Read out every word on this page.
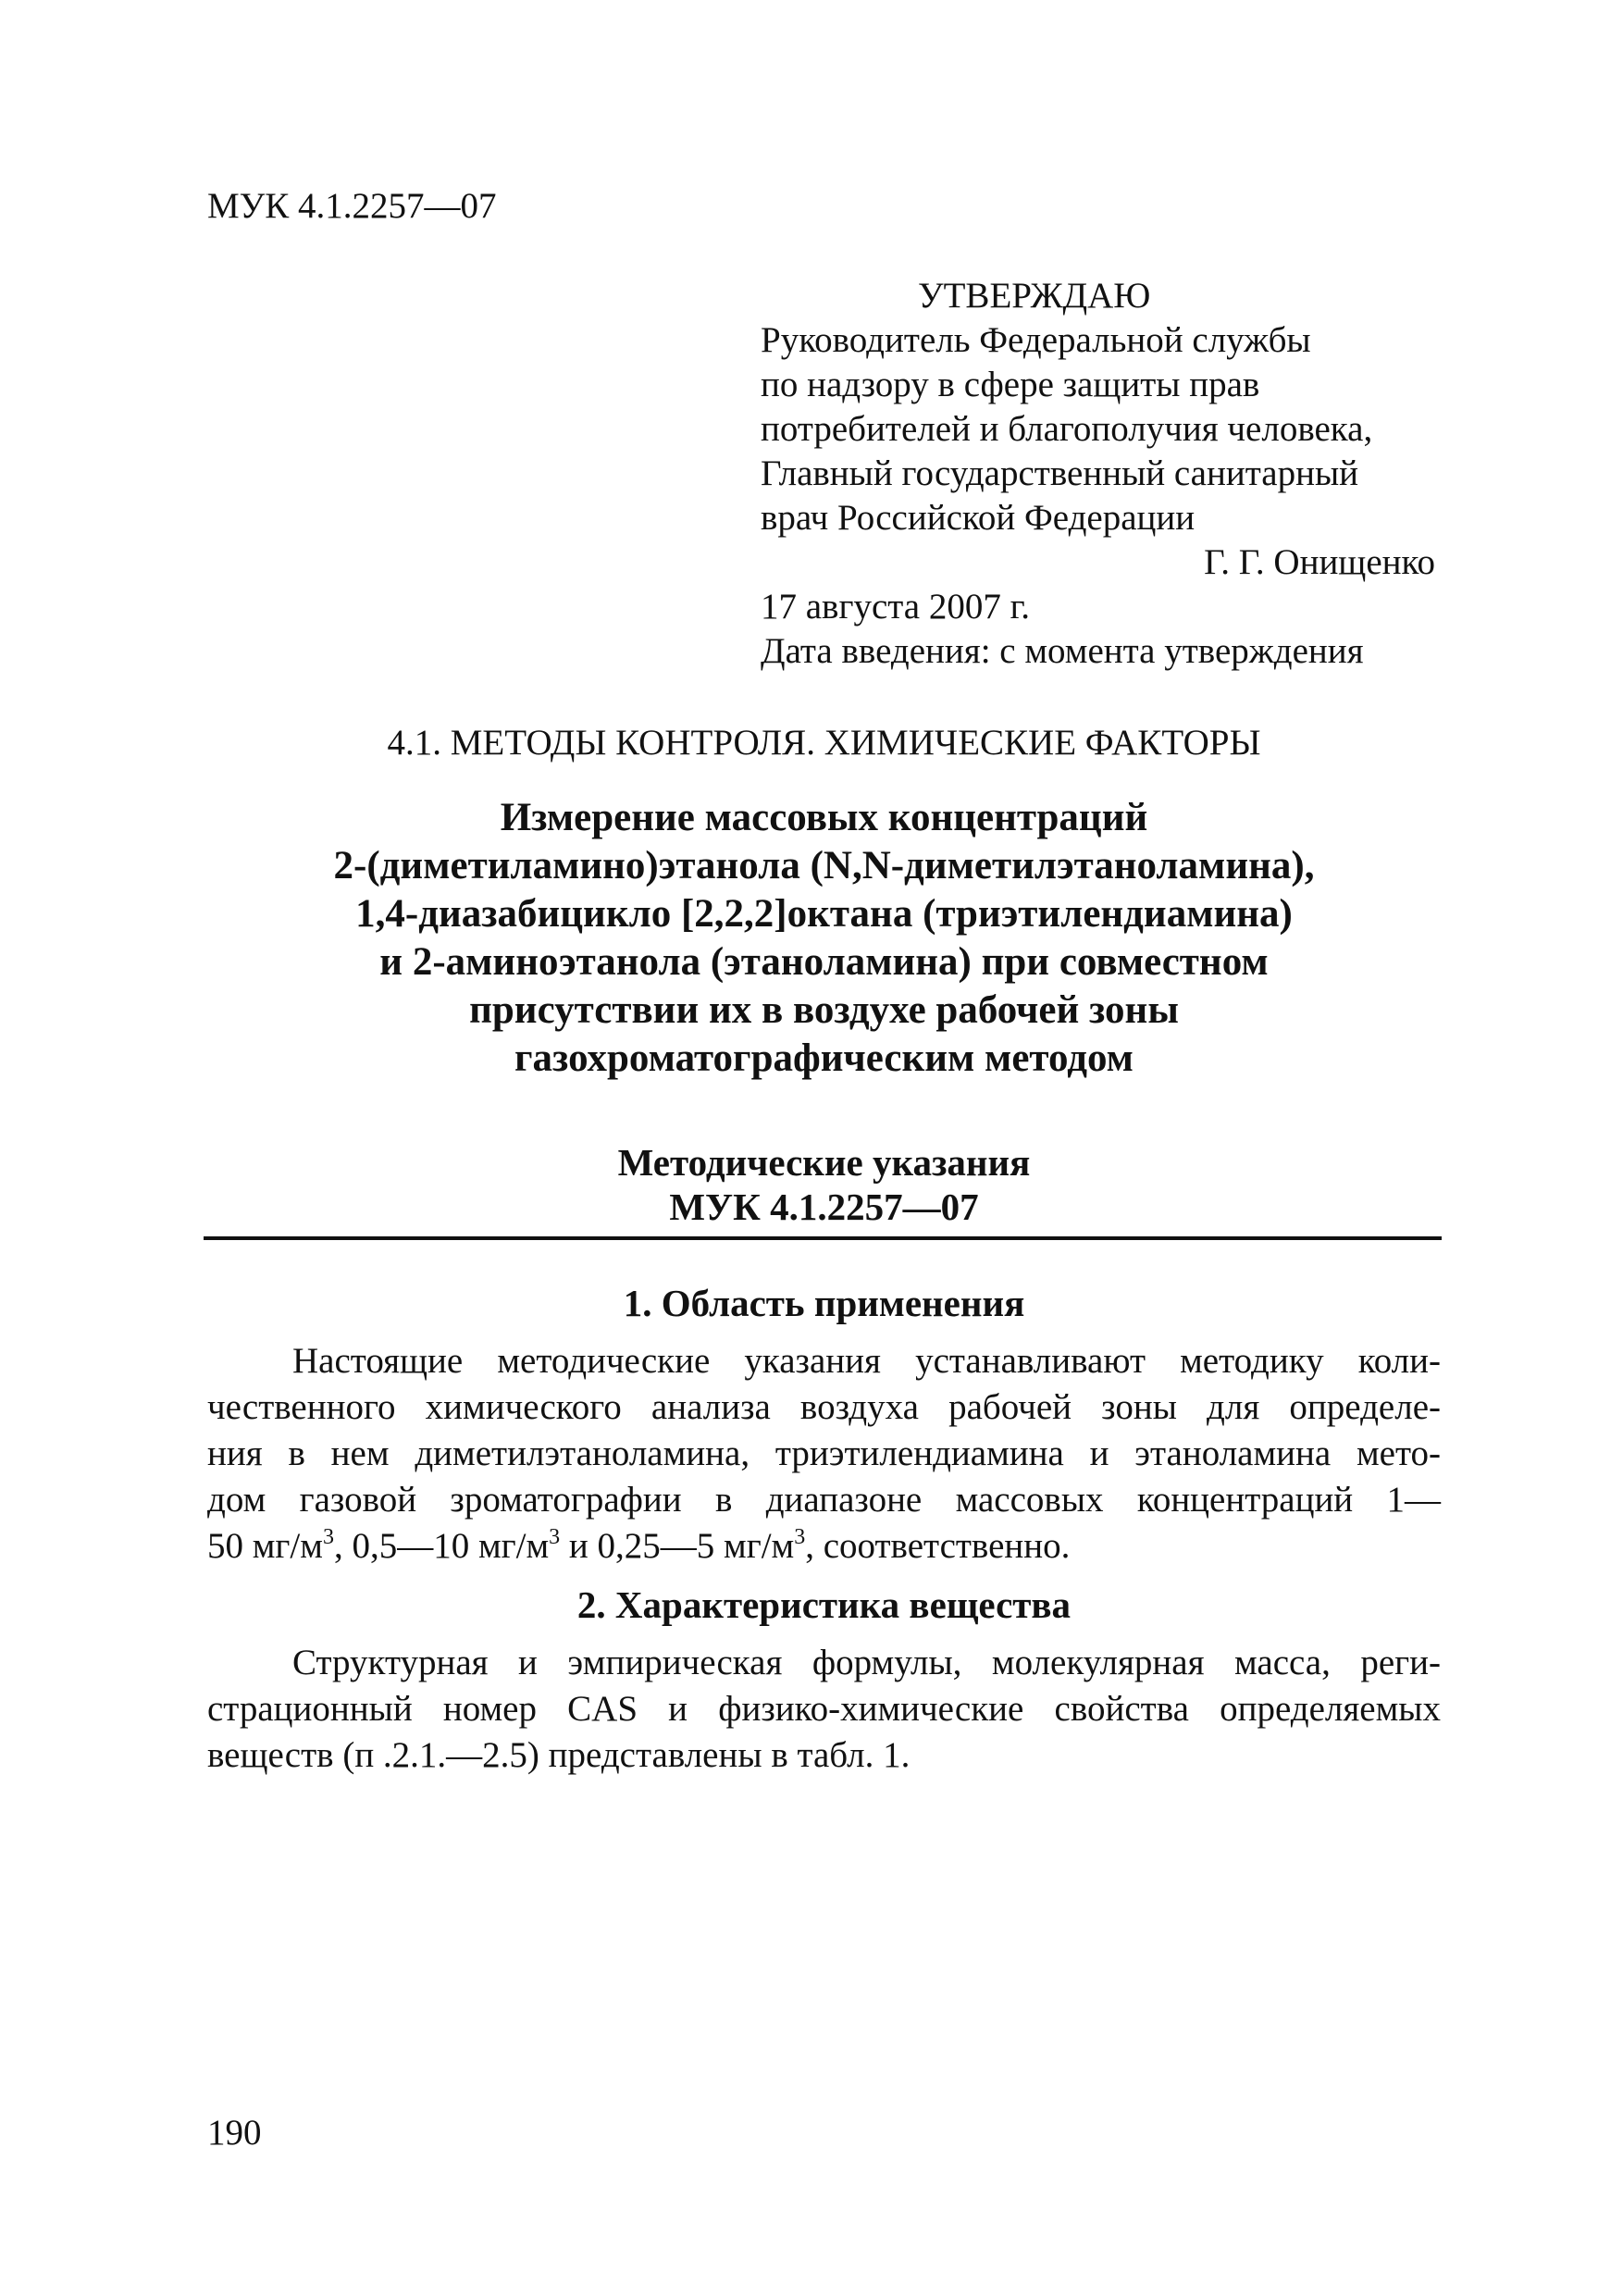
МУК 4.1.2257—07
УТВЕРЖДАЮ
Руководитель Федеральной службы
по надзору в сфере защиты прав
потребителей и благополучия человека,
Главный государственный санитарный
врач Российской Федерации
Г. Г. Онищенко
17 августа 2007 г.
Дата введения: с момента утверждения
4.1. МЕТОДЫ КОНТРОЛЯ. ХИМИЧЕСКИЕ ФАКТОРЫ
Измерение массовых концентраций
2-(диметиламино)этанола (N,N-диметилэтаноламина),
1,4-диазабицикло [2,2,2]октана (триэтилендиамина)
и 2-аминоэтанола (этаноламина) при совместном
присутствии их в воздухе рабочей зоны
газохроматографическим методом
Методические указания
МУК 4.1.2257—07
1. Область применения
Настоящие методические указания устанавливают методику коли-
чественного химического анализа воздуха рабочей зоны для определе-
ния в нем диметилэтаноламина, триэтилендиамина и этаноламина мето-
дом газовой зроматографии в диапазоне массовых концентраций 1—
50 $мг/м^3$, 0,5—10 $мг/м^3$ и 0,25—5 $мг/м^3$, соответственно.
2. Характеристика вещества
Структурная и эмпирическая формулы, молекулярная масса, реги-
страционный номер CAS и физико-химические свойства определяемых
веществ (п .2.1.—2.5) представлены в табл. 1.
190
